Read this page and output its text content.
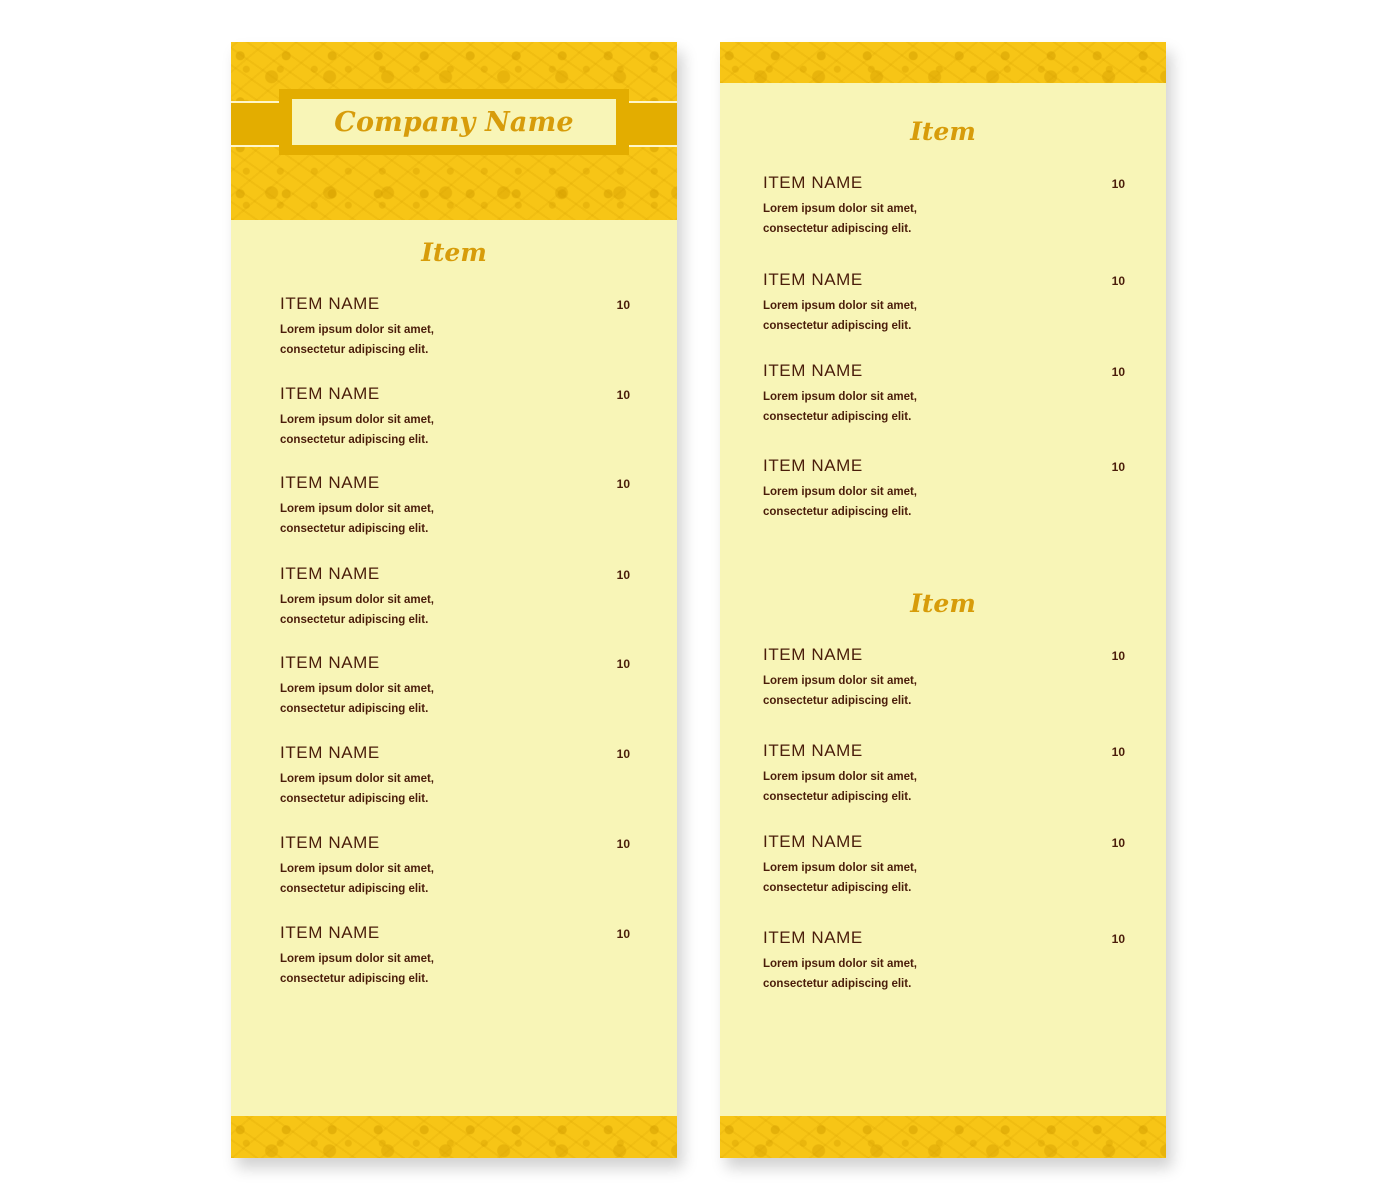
Company Name
Item
ITEM NAME	10
Lorem ipsum dolor sit amet,
consectetur adipiscing elit.
ITEM NAME	10
Lorem ipsum dolor sit amet,
consectetur adipiscing elit.
ITEM NAME	10
Lorem ipsum dolor sit amet,
consectetur adipiscing elit.
ITEM NAME	10
Lorem ipsum dolor sit amet,
consectetur adipiscing elit.
ITEM NAME	10
Lorem ipsum dolor sit amet,
consectetur adipiscing elit.
ITEM NAME	10
Lorem ipsum dolor sit amet,
consectetur adipiscing elit.
ITEM NAME	10
Lorem ipsum dolor sit amet,
consectetur adipiscing elit.
ITEM NAME	10
Lorem ipsum dolor sit amet,
consectetur adipiscing elit.
Item
ITEM NAME	10
Lorem ipsum dolor sit amet,
consectetur adipiscing elit.
ITEM NAME	10
Lorem ipsum dolor sit amet,
consectetur adipiscing elit.
ITEM NAME	10
Lorem ipsum dolor sit amet,
consectetur adipiscing elit.
ITEM NAME	10
Lorem ipsum dolor sit amet,
consectetur adipiscing elit.
Item
ITEM NAME	10
Lorem ipsum dolor sit amet,
consectetur adipiscing elit.
ITEM NAME	10
Lorem ipsum dolor sit amet,
consectetur adipiscing elit.
ITEM NAME	10
Lorem ipsum dolor sit amet,
consectetur adipiscing elit.
ITEM NAME	10
Lorem ipsum dolor sit amet,
consectetur adipiscing elit.
